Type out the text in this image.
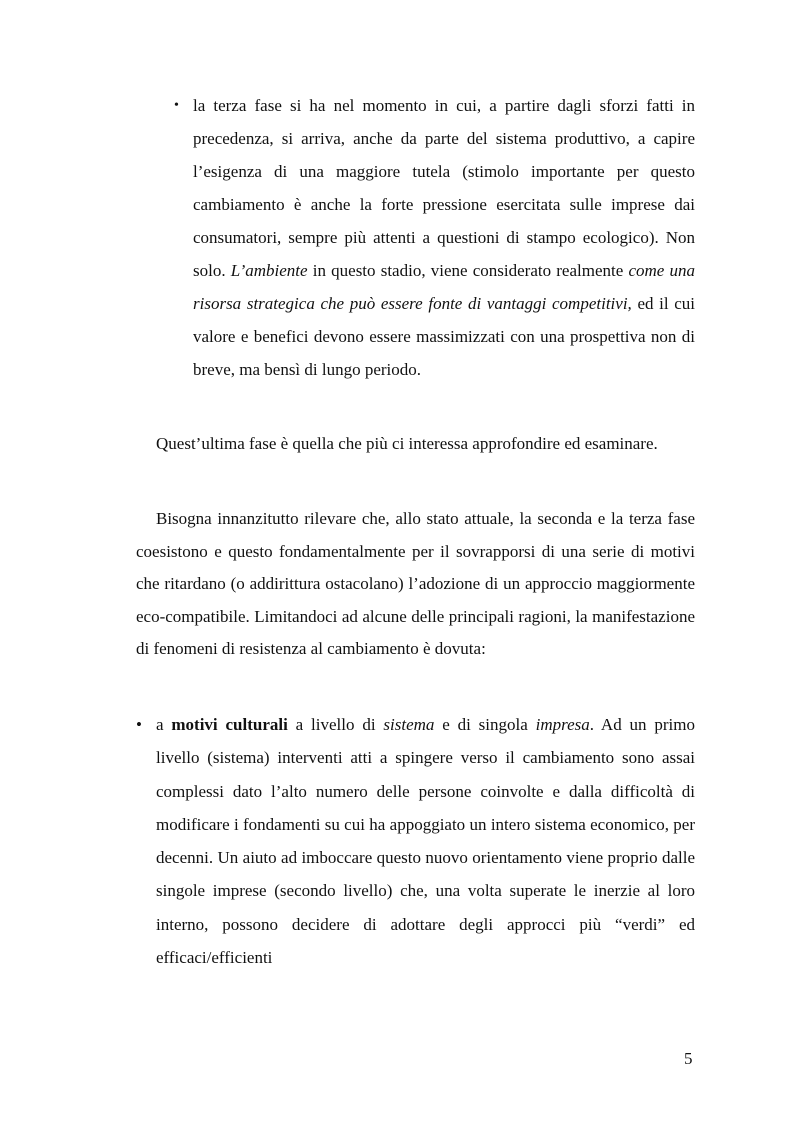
• la terza fase si ha nel momento in cui, a partire dagli sforzi fatti in precedenza, si arriva, anche da parte del sistema produttivo, a capire l’esigenza di una maggiore tutela (stimolo importante per questo cambiamento è anche la forte pressione esercitata sulle imprese dai consumatori, sempre più attenti a questioni di stampo ecologico). Non solo. L’ambiente in questo stadio, viene considerato realmente come una risorsa strategica che può essere fonte di vantaggi competitivi, ed il cui valore e benefici devono essere massimizzati con una prospettiva non di breve, ma bensì di lungo periodo.

Quest’ultima fase è quella che più ci interessa approfondire ed esaminare.

Bisogna innanzitutto rilevare che, allo stato attuale, la seconda e la terza fase coesistono e questo fondamentalmente per il sovrapporsi di una serie di motivi che ritardano (o addirittura ostacolano) l’adozione di un approccio maggiormente eco-compatibile. Limitandoci ad alcune delle principali ragioni, la manifestazione di fenomeni di resistenza al cambiamento è dovuta:

• a motivi culturali a livello di sistema e di singola impresa. Ad un primo livello (sistema) interventi atti a spingere verso il cambiamento sono assai complessi dato l’alto numero delle persone coinvolte e dalla difficoltà di modificare i fondamenti su cui ha appoggiato un intero sistema economico, per decenni. Un aiuto ad imboccare questo nuovo orientamento viene proprio dalle singole imprese (secondo livello) che, una volta superate le inerzie al loro interno, possono decidere di adottare degli approcci più “verdi” ed efficaci/efficienti
5
